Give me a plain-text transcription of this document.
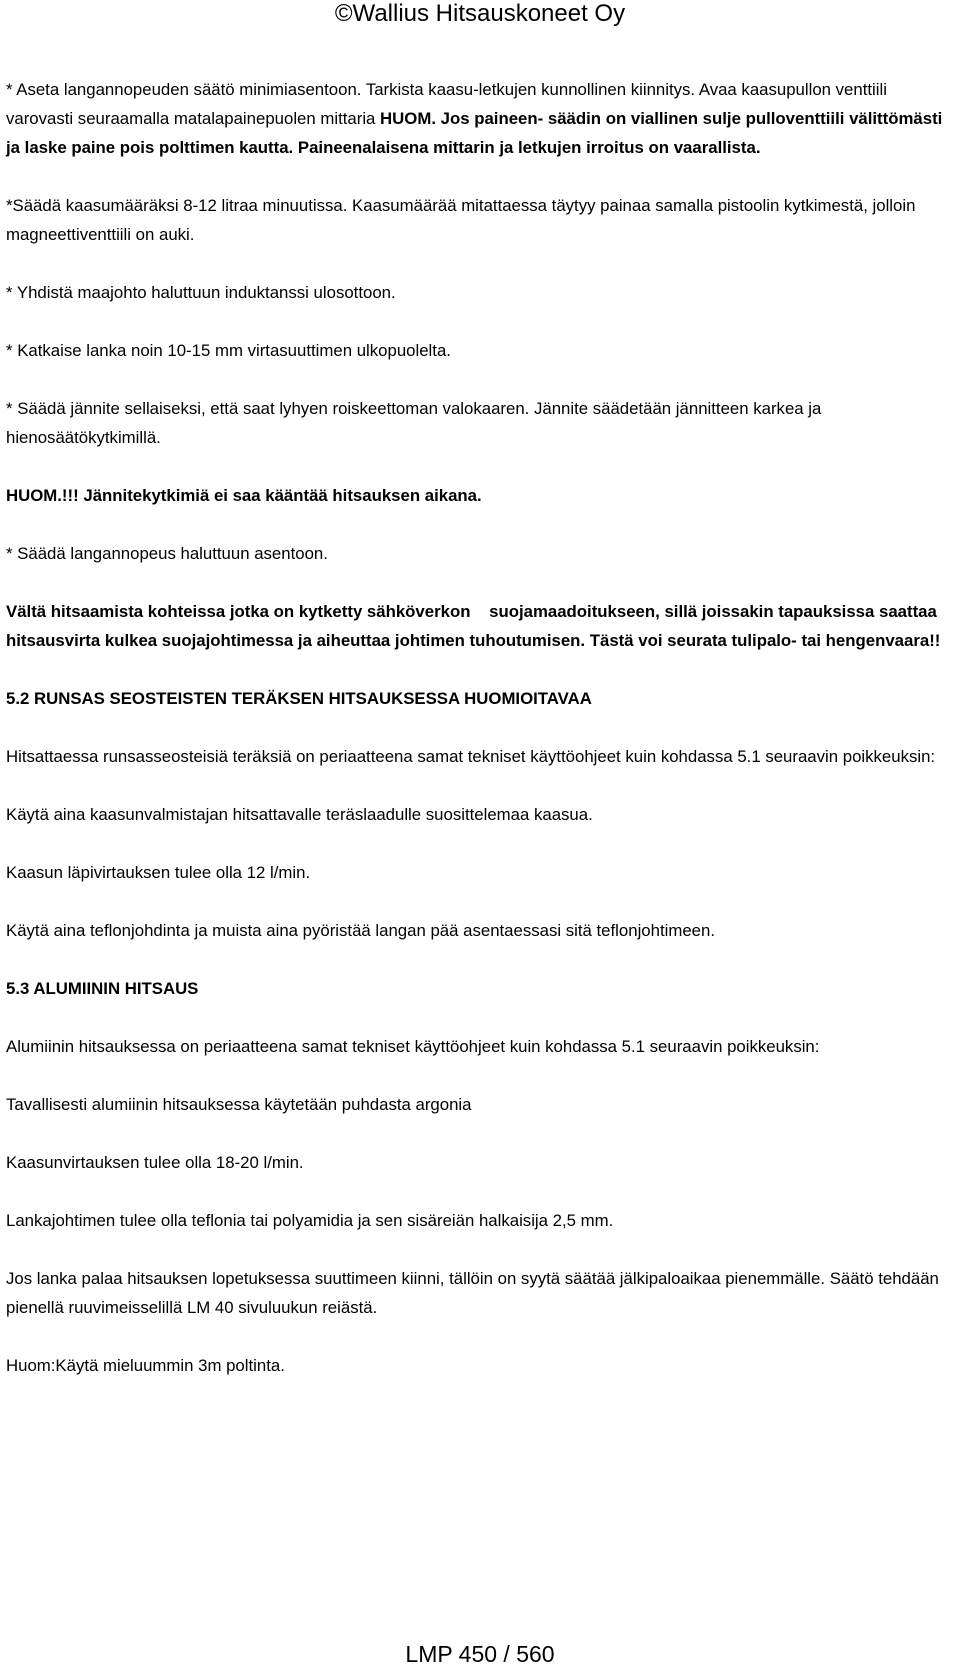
©Wallius Hitsauskoneet Oy

* Aseta langannopeuden säätö minimiasentoon. Tarkista kaasu-letkujen kunnollinen kiinnitys. Avaa kaasupullon venttiili varovasti seuraamalla matalapainepuolen mittaria HUOM. Jos paineen- säädin on viallinen sulje pulloventtiili välittömästi ja laske paine pois polttimen kautta. Paineenalaisena mittarin ja letkujen irroitus on vaarallista.

*Säädä kaasumääräksi 8-12 litraa minuutissa. Kaasumäärää mitattaessa täytyy painaa samalla pistoolin kytkimestä, jolloin magneettiventtiili on auki.

* Yhdistä maajohto haluttuun induktanssi ulosottoon.

* Katkaise lanka noin 10-15 mm virtasuuttimen ulkopuolelta.

* Säädä jännite sellaiseksi, että saat lyhyen roiskeettoman valokaaren. Jännite säädetään jännitteen karkea ja hienosäätökytkimillä.

HUOM.!!! Jännitekytkimiä ei saa kääntää hitsauksen aikana.

* Säädä langannopeus haluttuun asentoon.

Vältä hitsaamista kohteissa jotka on kytketty sähköverkon    suojamaadoitukseen, sillä joissakin tapauksissa saattaa hitsausvirta kulkea suojajohtimessa ja aiheuttaa johtimen tuhoutumisen. Tästä voi seurata tulipalo- tai hengenvaara!!

5.2 RUNSAS SEOSTEISTEN TERÄKSEN HITSAUKSESSA HUOMIOITAVAA

Hitsattaessa runsasseosteisiä teräksiä on periaatteena samat tekniset käyttöohjeet kuin kohdassa 5.1 seuraavin poikkeuksin:

Käytä aina kaasunvalmistajan hitsattavalle teräslaadulle suosittelemaa kaasua.

Kaasun läpivirtauksen tulee olla 12 l/min.

Käytä aina teflonjohdinta ja muista aina pyöristää langan pää asentaessasi sitä teflonjohtimeen.

5.3 ALUMIININ HITSAUS

Alumiinin hitsauksessa on periaatteena samat tekniset käyttöohjeet kuin kohdassa 5.1 seuraavin poikkeuksin:

Tavallisesti alumiinin hitsauksessa käytetään puhdasta argonia

Kaasunvirtauksen tulee olla 18-20 l/min.

Lankajohtimen tulee olla teflonia tai polyamidia ja sen sisäreiän halkaisija 2,5 mm.

Jos lanka palaa hitsauksen lopetuksessa suuttimeen kiinni, tällöin on syytä säätää jälkipaloaikaa pienemmälle. Säätö tehdään pienellä ruuvimeisselillä LM 40 sivuluukun reiästä.

Huom:Käytä mieluummin 3m poltinta.

LMP 450 / 560
